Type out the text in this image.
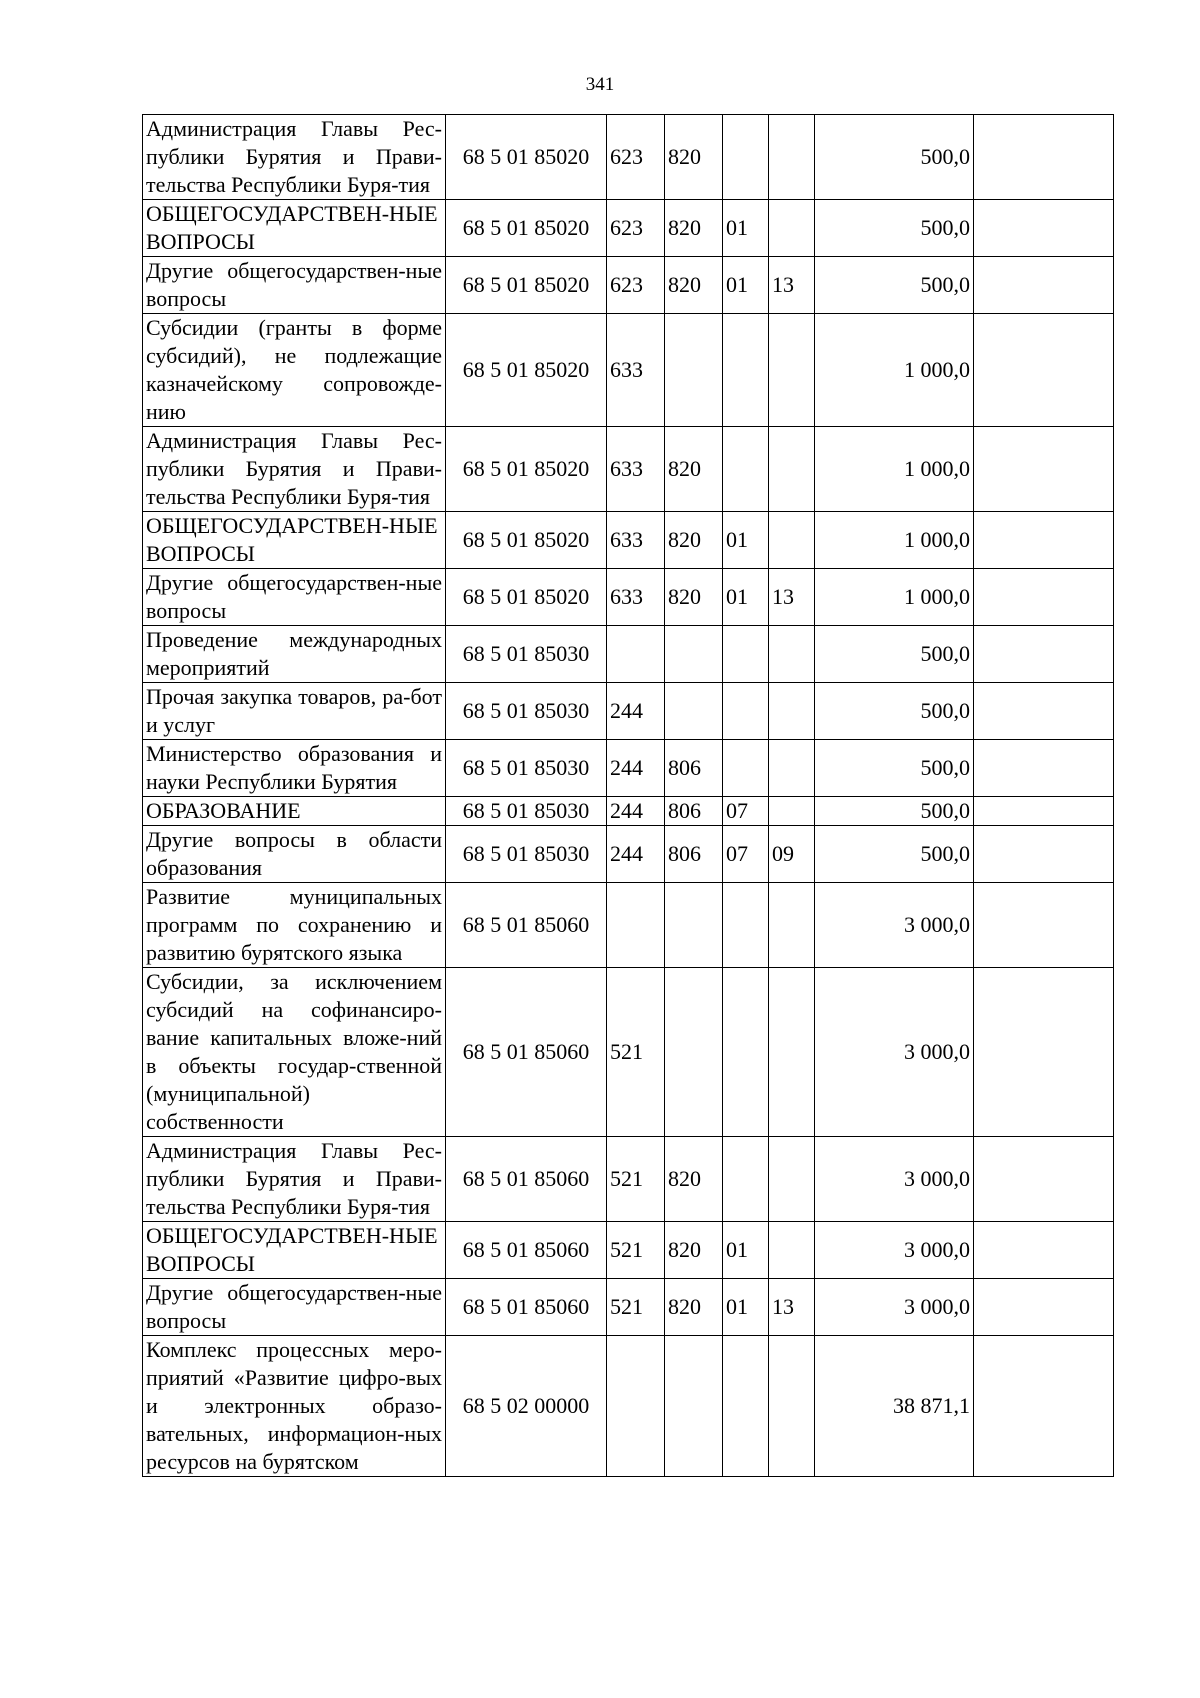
341
Администрация Главы Рес-публики Бурятия и Прави-тельства Республики Буря-тия	68 5 01 85020	623	820			500,0	
ОБЩЕГОСУДАРСТВЕН-НЫЕ ВОПРОСЫ	68 5 01 85020	623	820	01		500,0	
Другие общегосударствен-ные вопросы	68 5 01 85020	623	820	01	13	500,0	
Субсидии (гранты в форме субсидий), не подлежащие казначейскому сопровожде-нию	68 5 01 85020	633				1 000,0	
Администрация Главы Рес-публики Бурятия и Прави-тельства Республики Буря-тия	68 5 01 85020	633	820			1 000,0	
ОБЩЕГОСУДАРСТВЕН-НЫЕ ВОПРОСЫ	68 5 01 85020	633	820	01		1 000,0	
Другие общегосударствен-ные вопросы	68 5 01 85020	633	820	01	13	1 000,0	
Проведение международных мероприятий	68 5 01 85030					500,0	
Прочая закупка товаров, ра-бот и услуг	68 5 01 85030	244				500,0	
Министерство образования и науки Республики Бурятия	68 5 01 85030	244	806			500,0	
ОБРАЗОВАНИЕ	68 5 01 85030	244	806	07		500,0	
Другие вопросы в области образования	68 5 01 85030	244	806	07	09	500,0	
Развитие муниципальных программ по сохранению и развитию бурятского языка	68 5 01 85060					3 000,0	
Субсидии, за исключением субсидий на софинансиро-вание капитальных вложе-ний в объекты государ-ственной (муниципальной) собственности	68 5 01 85060	521				3 000,0	
Администрация Главы Рес-публики Бурятия и Прави-тельства Республики Буря-тия	68 5 01 85060	521	820			3 000,0	
ОБЩЕГОСУДАРСТВЕН-НЫЕ ВОПРОСЫ	68 5 01 85060	521	820	01		3 000,0	
Другие общегосударствен-ные вопросы	68 5 01 85060	521	820	01	13	3 000,0	
Комплекс процессных меро-приятий «Развитие цифро-вых и электронных образо-вательных, информацион-ных ресурсов на бурятском	68 5 02 00000					38 871,1	
